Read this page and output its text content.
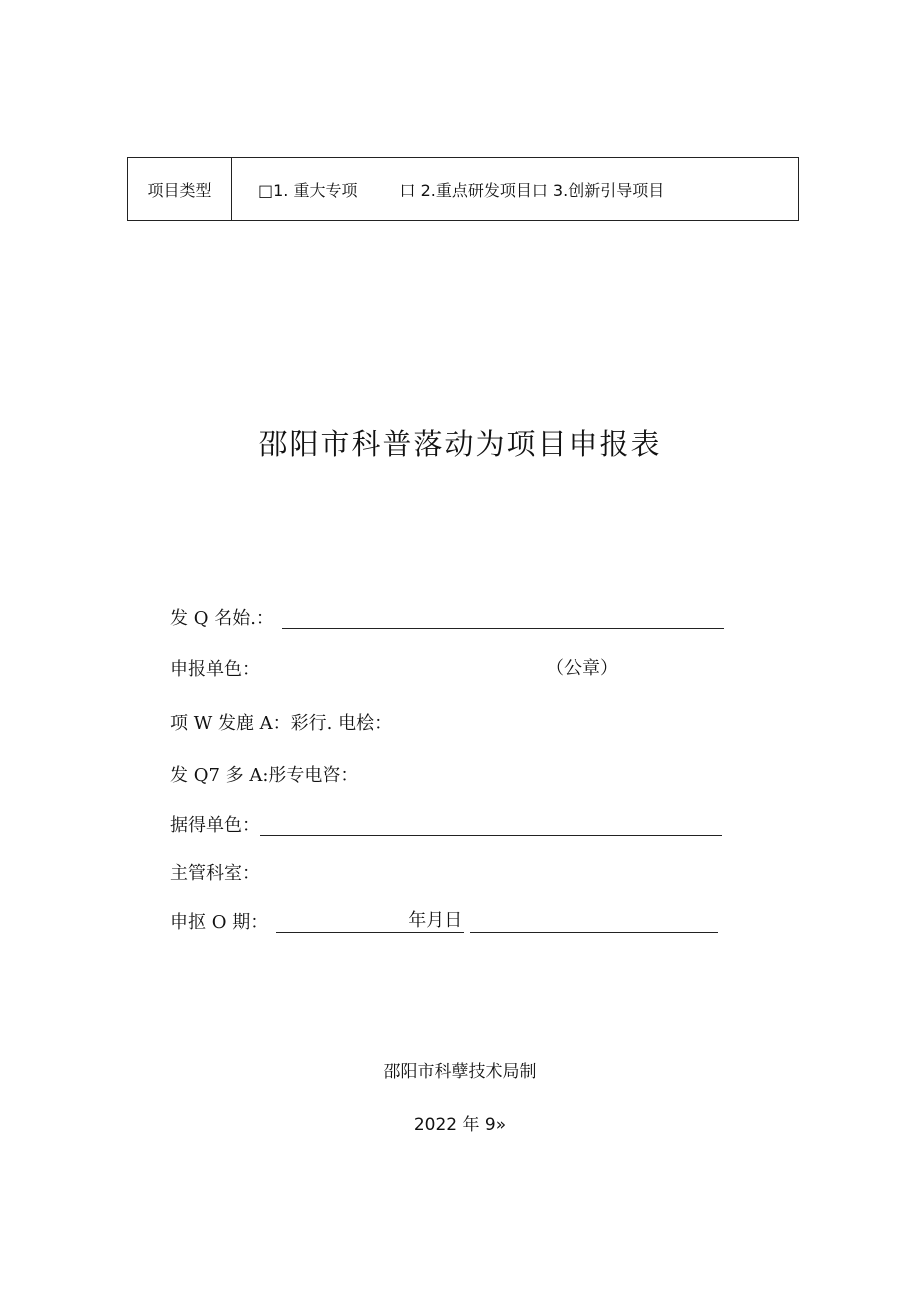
项目类型	□1. 重大专项	口 2.重点研发项目口 3.创新引导项目
邵阳市科普落动为项目申报表
发 Q 名始.：
申报单色：	（公章）
项 W 发鹿 A：彩行. 电桧：
发 Q7 多 A:彤专电咨：
据得单色：
主管科室：
申抠 O 期：	年月日
邵阳市科孽技术局制
2022 年 9»
